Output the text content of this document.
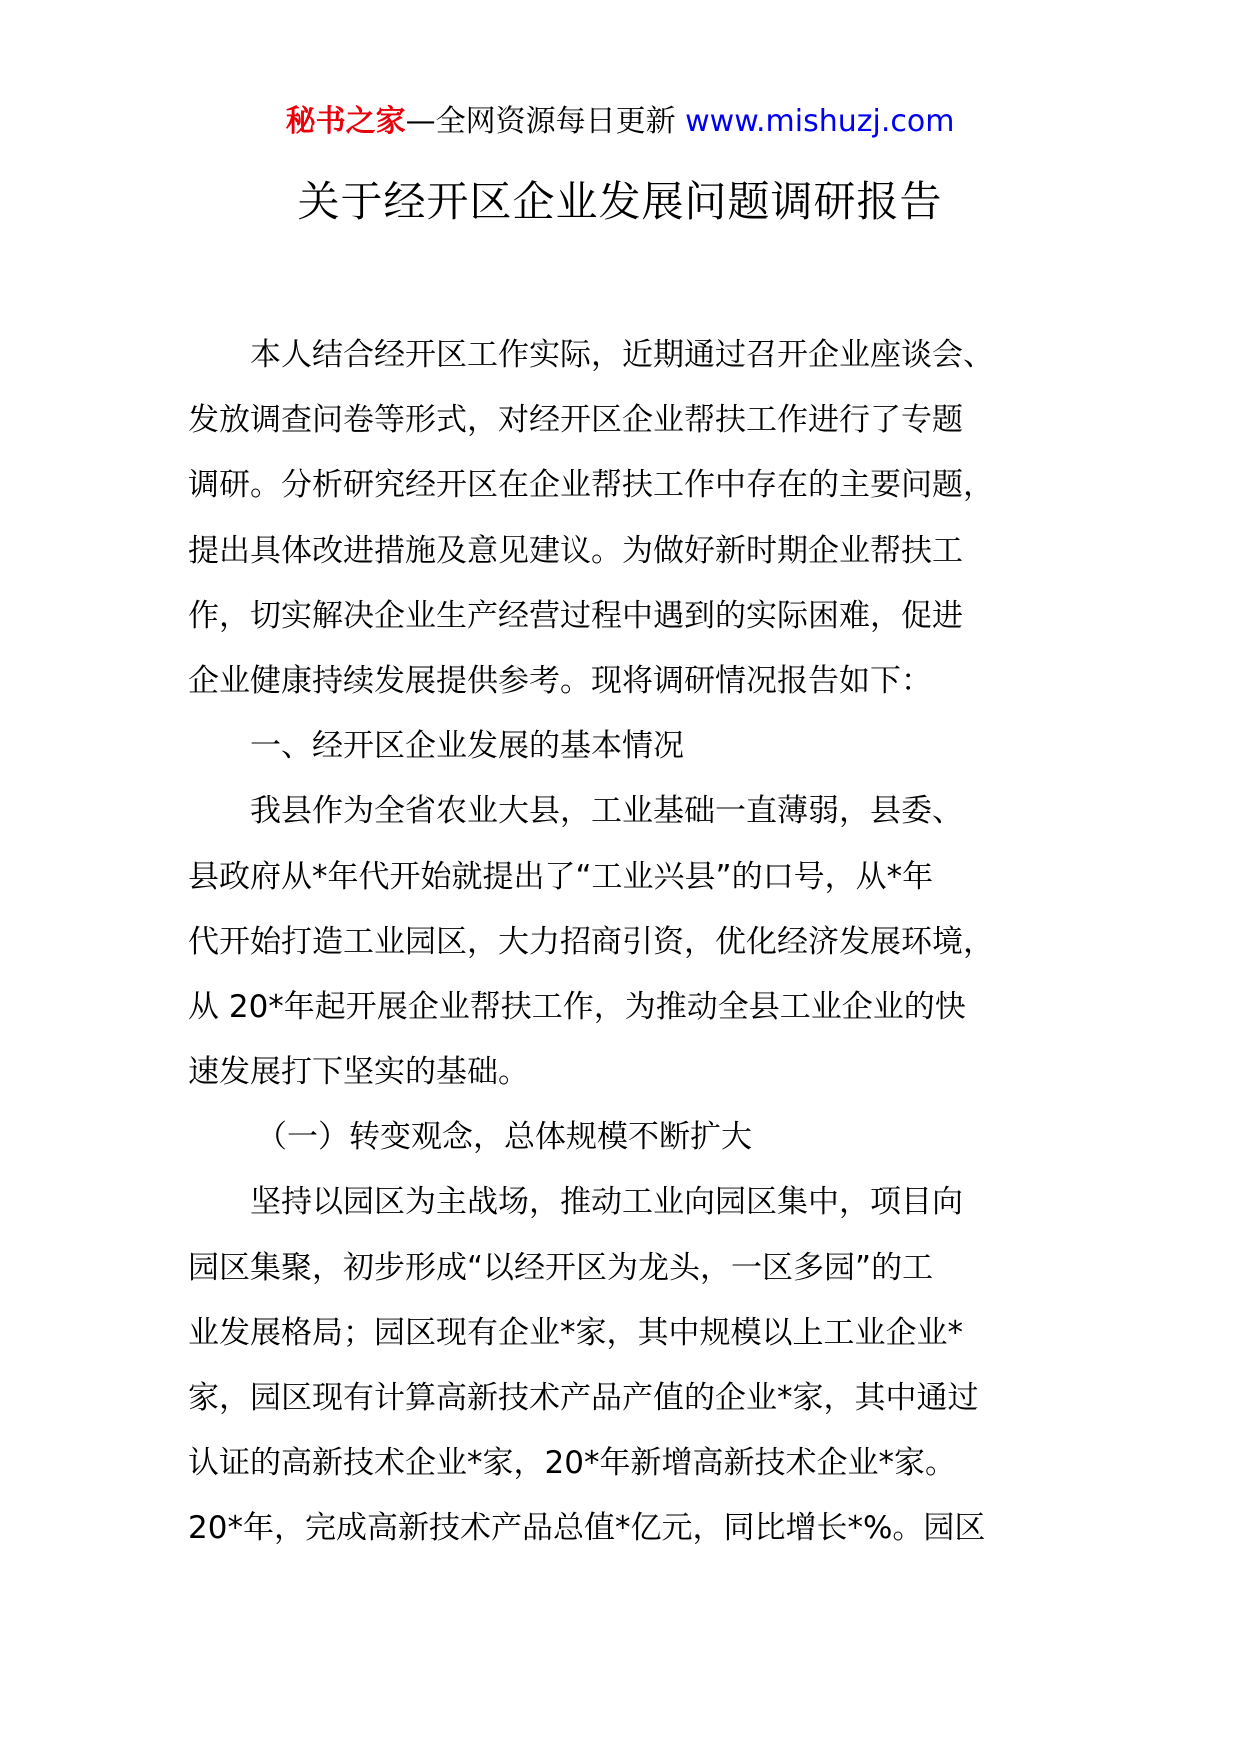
秘书之家—全网资源每日更新 www.mishuzj.com
关于经开区企业发展问题调研报告
本人结合经开区工作实际，近期通过召开企业座谈会、
发放调查问卷等形式，对经开区企业帮扶工作进行了专题
调研。分析研究经开区在企业帮扶工作中存在的主要问题，
提出具体改进措施及意见建议。为做好新时期企业帮扶工
作，切实解决企业生产经营过程中遇到的实际困难，促进
企业健康持续发展提供参考。现将调研情况报告如下：
一、经开区企业发展的基本情况
我县作为全省农业大县，工业基础一直薄弱，县委、
县政府从*年代开始就提出了“工业兴县”的口号，从*年
代开始打造工业园区，大力招商引资，优化经济发展环境，
从 20*年起开展企业帮扶工作，为推动全县工业企业的快
速发展打下坚实的基础。
（一）转变观念，总体规模不断扩大
坚持以园区为主战场，推动工业向园区集中，项目向
园区集聚，初步形成“以经开区为龙头，一区多园”的工
业发展格局；园区现有企业*家，其中规模以上工业企业*
家，园区现有计算高新技术产品产值的企业*家，其中通过
认证的高新技术企业*家，20*年新增高新技术企业*家。
20*年，完成高新技术产品总值*亿元，同比增长*%。园区
